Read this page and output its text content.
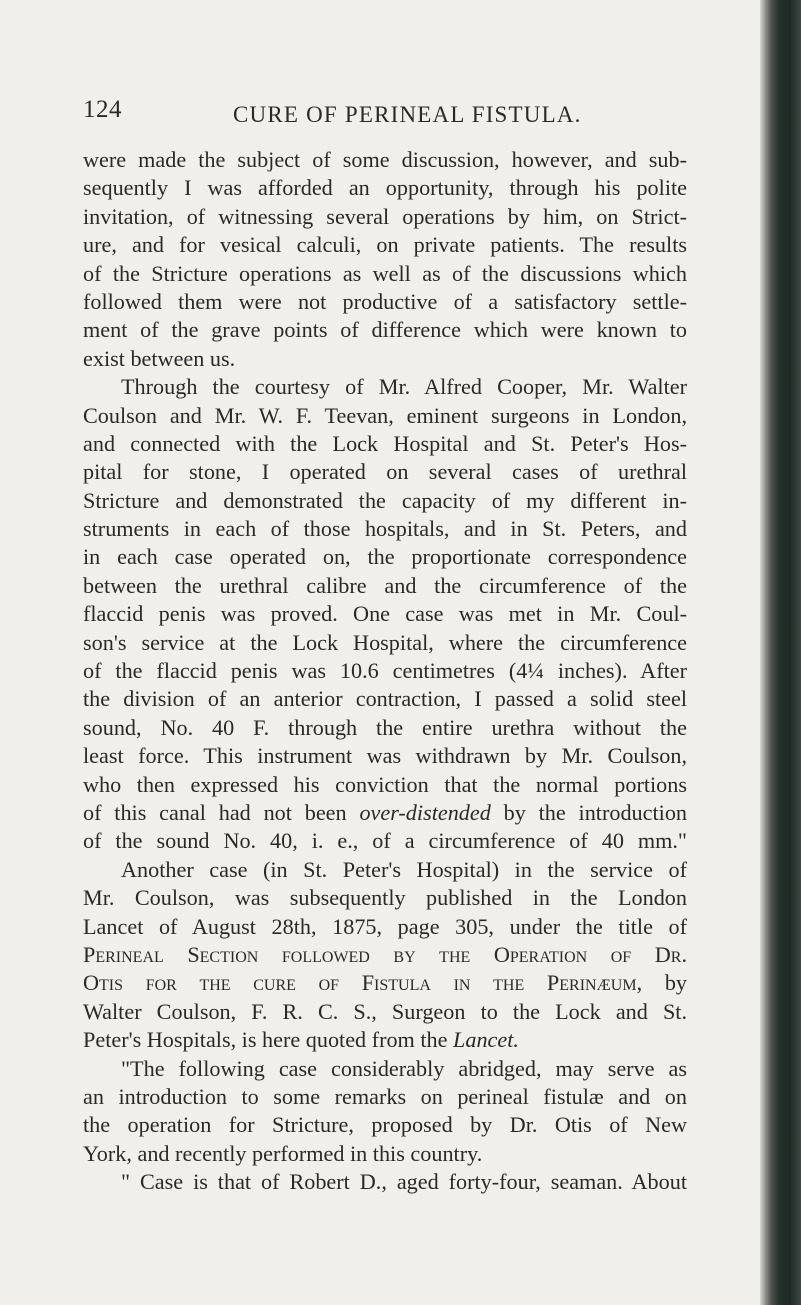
124	CURE OF PERINEAL FISTULA.
were made the subject of some discussion, however, and sub-
sequently I was afforded an opportunity, through his polite
invitation, of witnessing several operations by him, on Strict-
ure, and for vesical calculi, on private patients. The results
of the Stricture operations as well as of the discussions which
followed them were not productive of a satisfactory settle-
ment of the grave points of difference which were known to
exist between us.
Through the courtesy of Mr. Alfred Cooper, Mr. Walter
Coulson and Mr. W. F. Teevan, eminent surgeons in London,
and connected with the Lock Hospital and St. Peter's Hos-
pital for stone, I operated on several cases of urethral
Stricture and demonstrated the capacity of my different in-
struments in each of those hospitals, and in St. Peters, and
in each case operated on, the proportionate correspondence
between the urethral calibre and the circumference of the
flaccid penis was proved. One case was met in Mr. Coul-
son's service at the Lock Hospital, where the circumference
of the flaccid penis was 10.6 centimetres (4¼ inches). After
the division of an anterior contraction, I passed a solid steel
sound, No. 40 F. through the entire urethra without the
least force. This instrument was withdrawn by Mr. Coulson,
who then expressed his conviction that the normal portions
of this canal had not been over-distended by the introduction
of the sound No. 40, i. e., of a circumference of 40 mm."
Another case (in St. Peter's Hospital) in the service of
Mr. Coulson, was subsequently published in the London
Lancet of August 28th, 1875, page 305, under the title of
Perineal Section followed by the Operation of Dr.
Otis for the cure of Fistula in the Perinæum, by
Walter Coulson, F. R. C. S., Surgeon to the Lock and St.
Peter's Hospitals, is here quoted from the Lancet.
"The following case considerably abridged, may serve as
an introduction to some remarks on perineal fistulæ and on
the operation for Stricture, proposed by Dr. Otis of New
York, and recently performed in this country.
" Case is that of Robert D., aged forty-four, seaman. About
